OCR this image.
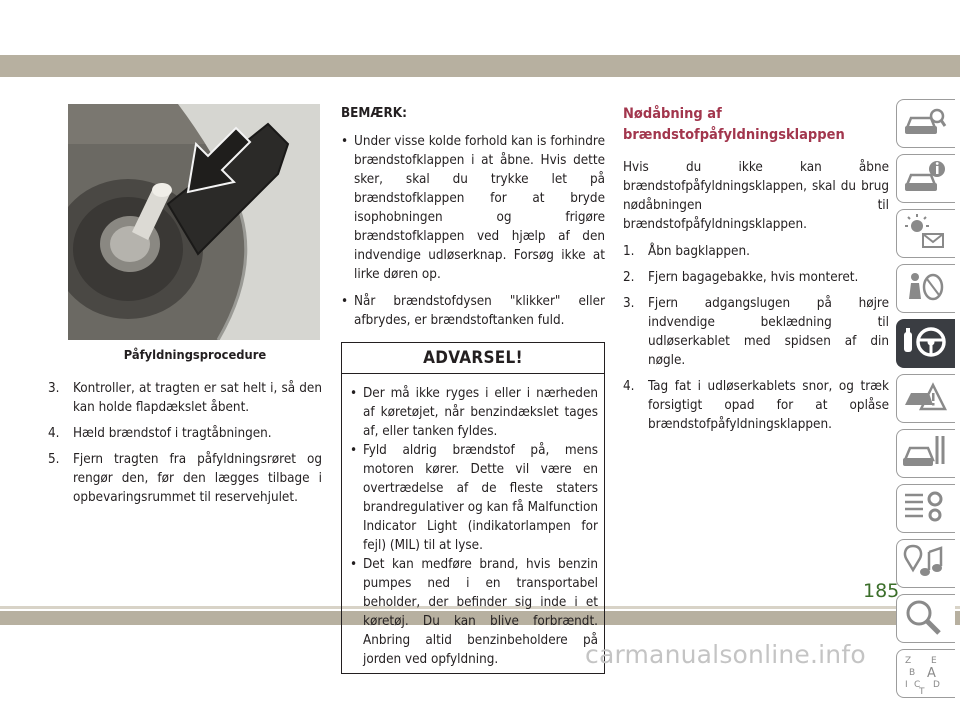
Påfyldningsprocedure
3. Kontroller, at tragten er sat helt i, så den kan holde flapdækslet åbent.
4. Hæld brændstof i tragtåbningen.
5. Fjern tragten fra påfyldningsrøret og rengør den, før den lægges tilbage i opbevaringsrummet til reservehjulet.
BEMÆRK:
• Under visse kolde forhold kan is forhindre brændstofklappen i at åbne. Hvis dette sker, skal du trykke let på brændstofklappen for at bryde isophobningen og frigøre brændstofklappen ved hjælp af den indvendige udløserknap. Forsøg ikke at lirke døren op.
• Når brændstofdysen "klikker" eller afbrydes, er brændstoftanken fuld.
ADVARSEL!
• Der må ikke ryges i eller i nærheden af køretøjet, når benzindækslet tages af, eller tanken fyldes.
• Fyld aldrig brændstof på, mens motoren kører. Dette vil være en overtrædelse af de fleste staters brandregulativer og kan få Malfunction Indicator Light (indikatorlampen for fejl) (MIL) til at lyse.
• Det kan medføre brand, hvis benzin pumpes ned i en transportabel beholder, der befinder sig inde i et køretøj. Du kan blive forbrændt. Anbring altid benzinbeholdere på jorden ved opfyldning.
Nødåbning af brændstofpåfyldningsklappen
Hvis du ikke kan åbne brændstofpåfyldningsklappen, skal du brug nødåbningen til brændstofpåfyldningsklappen.
1. Åbn bagklappen.
2. Fjern bagagebakke, hvis monteret.
3. Fjern adgangslugen på højre indvendige beklædning til udløserkablet med spidsen af din nøgle.
4. Tag fat i udløserkablets snor, og træk forsigtigt opad for at oplåse brændstofpåfyldningsklappen.
Z E
B A
I C
T
D
185
carmanualsonline.info
